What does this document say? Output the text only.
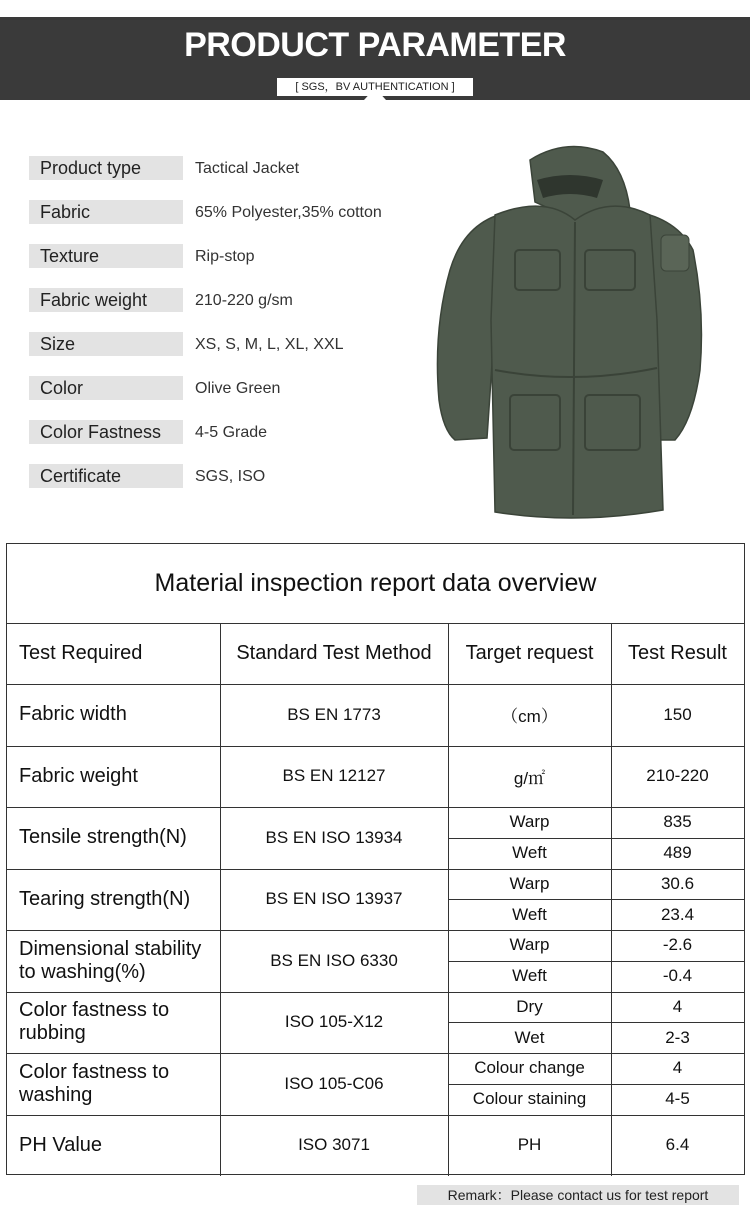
PRODUCT PARAMETER
[ SGS，BV AUTHENTICATION ]
Product type	Tactical Jacket
Fabric	65% Polyester,35% cotton
Texture	Rip-stop
Fabric weight	210-220 g/sm
Size	XS, S, M, L, XL, XXL
Color	Olive Green
Color Fastness	4-5 Grade
Certificate	SGS, ISO
Material inspection report data overview
Test Required	Standard Test Method	Target request	Test Result
Fabric width	BS EN 1773	（cm）	150
Fabric weight	BS EN 12127	g/㎡	210-220
Tensile strength(N)	BS EN ISO 13934
Warp	835
Weft	489
Tearing strength(N)	BS EN ISO 13937
Warp	30.6
Weft	23.4
Dimensional stability to washing(%)
BS EN ISO 6330
Warp	-2.6
Weft	-0.4
Color fastness to rubbing
ISO 105-X12
Dry	4
Wet	2-3
Color fastness to washing
ISO 105-C06
Colour change	4
Colour staining	4-5
PH Value	ISO 3071	PH	6.4
Remark：Please contact us for test report
